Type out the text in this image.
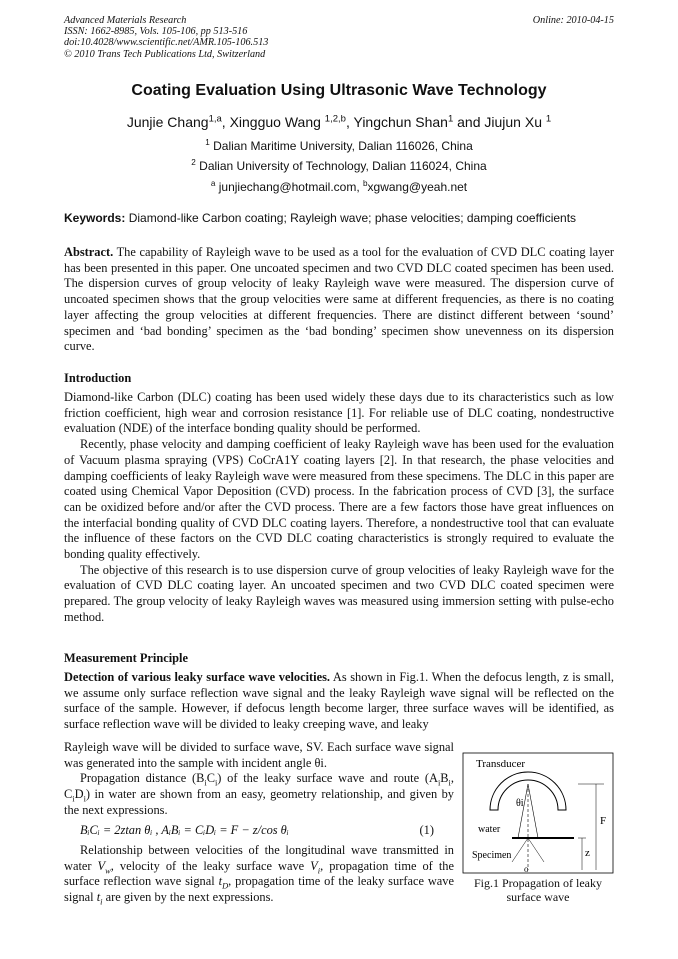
Advanced Materials Research
ISSN: 1662-8985, Vols. 105-106, pp 513-516
doi:10.4028/www.scientific.net/AMR.105-106.513
© 2010 Trans Tech Publications Ltd, Switzerland
Online: 2010-04-15
Coating Evaluation Using Ultrasonic Wave Technology
Junjie Chang$^{1,a}$, Xingguo Wang $^{1,2,b}$, Yingchun Shan$^1$ and Jiujun Xu $^1$
$^1$ Dalian Maritime University, Dalian 116026, China
$^2$ Dalian University of Technology, Dalian 116024, China
$^a$ junjiechang@hotmail.com, $^b$xgwang@yeah.net
Keywords: Diamond-like Carbon coating; Rayleigh wave; phase velocities; damping coefficients

Abstract. The capability of Rayleigh wave to be used as a tool for the evaluation of CVD DLC coating layer has been presented in this paper. One uncoated specimen and two CVD DLC coated specimen has been used. The dispersion curves of group velocity of leaky Rayleigh wave were measured. The dispersion curve of uncoated specimen shows that the group velocities were same at different frequencies, as there is no coating layer affecting the group velocities at different frequencies. There are distinct different between ‘sound’ specimen and ‘bad bonding’ specimen as the ‘bad bonding’ specimen show unevenness on its dispersion curve.

Introduction

Diamond-like Carbon (DLC) coating has been used widely these days due to its characteristics such as low friction coefficient, high wear and corrosion resistance [1]. For reliable use of DLC coating, nondestructive evaluation (NDE) of the interface bonding quality should be performed.

Recently, phase velocity and damping coefficient of leaky Rayleigh wave has been used for the evaluation of Vacuum plasma spraying (VPS) CoCrA1Y coating layers [2]. In that research, the phase velocities and damping coefficients of leaky Rayleigh wave were measured from these specimens. The DLC in this paper are coated using Chemical Vapor Deposition (CVD) process. In the fabrication process of CVD [3], the surface can be oxidized before and/or after the CVD process. There are a few factors those have great influences on the interfacial bonding quality of CVD DLC coating layers. Therefore, a nondestructive tool that can evaluate the influence of these factors on the CVD DLC coating characteristics is strongly required to evaluate the bonding quality effectively.

The objective of this research is to use dispersion curve of group velocities of leaky Rayleigh wave for the evaluation of CVD DLC coating layer. An uncoated specimen and two CVD DLC coated specimen were prepared. The group velocity of leaky Rayleigh waves was measured using immersion setting with pulse-echo method.

Measurement Principle

Detection of various leaky surface wave velocities. As shown in Fig.1. When the defocus length, z is small, we assume only surface reflection wave signal and the leaky Rayleigh wave signal will be reflected on the surface of the sample. However, if defocus length become larger, three surface waves will be identified, as surface reflection wave will be divided to leaky creeping wave, and leaky

Rayleigh wave will be divided to surface wave, SV. Each surface wave signal was generated into the sample with incident angle θi.

Propagation distance $(B_iC_i)$ of the leaky surface wave and route ($A_iB_i$, $C_iD_i$) in water are shown from an easy, geometry relationship, and given by the next expressions.

BᵢCᵢ = 2ztan θᵢ , AᵢBᵢ = CᵢDᵢ = F − z/cos θᵢ	(1)

Relationship between velocities of the longitudinal wave transmitted in water $V_w$, velocity of the leaky surface wave $V_i$, propagation time of the surface reflection wave signal $t_D$, propagation time of the leaky surface wave signal $t_i$ are given by the next expressions.

Transducer
θi
water
Specimen
F
z
o
Fig.1 Propagation of leaky surface wave
